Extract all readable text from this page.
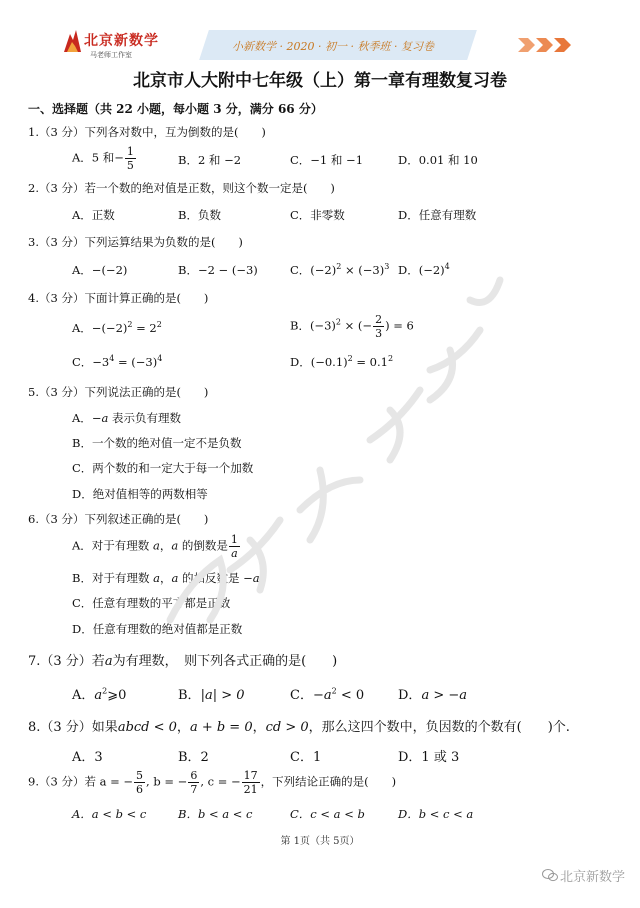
北京新数学
马老师工作室
小新数学 · 2020 · 初一 · 秋季班 · 复习卷
北京市人大附中七年级（上）第一章有理数复习卷
一、选择题（共 22 小题，每小题 3 分，满分 66 分）
1.（3 分）下列各对数中，互为倒数的是(　　)
A．5 和− $\frac{1}{5}$	B．2 和 −2	C．−1 和 −1	D．0.01 和 10
2.（3 分）若一个数的绝对值是正数，则这个数一定是(　　)
A．正数	B．负数	C．非零数	D．任意有理数
3.（3 分）下列运算结果为负数的是(　　)
A．−(−2)	B．−2 − (−3)	C．$(-2)^2 \times (-3)^3$ D．$(-2)^4$
4.（3 分）下面计算正确的是(　　)
A．$-(-2)^2 = 2^2$	B．$(-3)^2$ × (− $\frac{2}{3}$ ) = 6
C．$-3^4 = (-3)^4$	D．$(-0.1)^2 = 0.1^2$
5.（3 分）下列说法正确的是(　　)
A．−a 表示负有理数
B．一个数的绝对值一定不是负数
C．两个数的和一定大于每一个加数
D．绝对值相等的两数相等
6.（3 分）下列叙述正确的是(　　)
A．对于有理数 a，a 的倒数是 $\frac{1}{a}$
B．对于有理数 a，a 的相反数是 −a
C．任意有理数的平方都是正数
D．任意有理数的绝对值都是正数
7.（3 分）若a为有理数，　则下列各式正确的是(　　)
A．$a^2⩾0$	B．|a| > 0	C．$-a^2 < 0$	D．a > −a
8.（3 分）如果abcd < 0，a + b = 0，cd > 0，那么这四个数中，负因数的个数有(　　)个.
A．3	B．2	C．1	D．1 或 3
9.（3 分）若 a = − $\frac{5}{6}$ , b = − $\frac{6}{7}$ , c = − $\frac{17}{21}$ ，下列结论正确的是(　　)
A．a < b < c	B．b < a < c	C．c < a < b	D．b < c < a
第 1页（共 5页）
北京新数学
